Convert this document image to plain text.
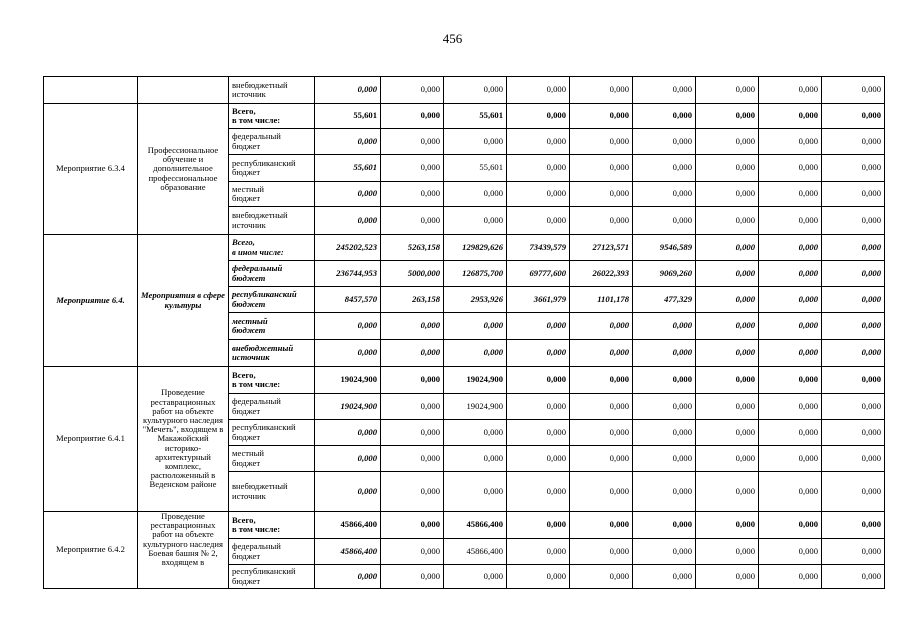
456
		внебюджетный
источник	0,000	0,000	0,000	0,000	0,000	0,000	0,000	0,000	0,000
Мероприятие 6.3.4	Профессиональное обучение и дополнительное профессиональное образование	Всего,
в том числе:	55,601	0,000	55,601	0,000	0,000	0,000	0,000	0,000	0,000
		федеральный
бюджет	0,000	0,000	0,000	0,000	0,000	0,000	0,000	0,000	0,000
		республиканский
бюджет	55,601	0,000	55,601	0,000	0,000	0,000	0,000	0,000	0,000
		местный
бюджет	0,000	0,000	0,000	0,000	0,000	0,000	0,000	0,000	0,000
		внебюджетный
источник	0,000	0,000	0,000	0,000	0,000	0,000	0,000	0,000	0,000
Мероприятие 6.4.	Мероприятия в сфере культуры	Всего,
в ином числе:	245202,523	5263,158	129829,626	73439,579	27123,571	9546,589	0,000	0,000	0,000
		федеральный
бюджет	236744,953	5000,000	126875,700	69777,600	26022,393	9069,260	0,000	0,000	0,000
		республиканский
бюджет	8457,570	263,158	2953,926	3661,979	1101,178	477,329	0,000	0,000	0,000
		местный
бюджет	0,000	0,000	0,000	0,000	0,000	0,000	0,000	0,000	0,000
		внебюджетный
источник	0,000	0,000	0,000	0,000	0,000	0,000	0,000	0,000	0,000
Мероприятие 6.4.1	Проведение реставрационных работ на объекте культурного наследия "Мечеть", входящем в Макажойский историко-архитектурный комплекс, расположенный в Веденском районе	Всего,
в том числе:	19024,900	0,000	19024,900	0,000	0,000	0,000	0,000	0,000	0,000
		федеральный
бюджет	19024,900	0,000	19024,900	0,000	0,000	0,000	0,000	0,000	0,000
		республиканский
бюджет	0,000	0,000	0,000	0,000	0,000	0,000	0,000	0,000	0,000
		местный
бюджет	0,000	0,000	0,000	0,000	0,000	0,000	0,000	0,000	0,000
		внебюджетный
источник	0,000	0,000	0,000	0,000	0,000	0,000	0,000	0,000	0,000
Мероприятие 6.4.2	Проведение реставрационных работ на объекте культурного наследия Боевая башня № 2, входящем в	Всего,
в том числе:	45866,400	0,000	45866,400	0,000	0,000	0,000	0,000	0,000	0,000
		федеральный
бюджет	45866,400	0,000	45866,400	0,000	0,000	0,000	0,000	0,000	0,000
		республиканский
бюджет	0,000	0,000	0,000	0,000	0,000	0,000	0,000	0,000	0,000
